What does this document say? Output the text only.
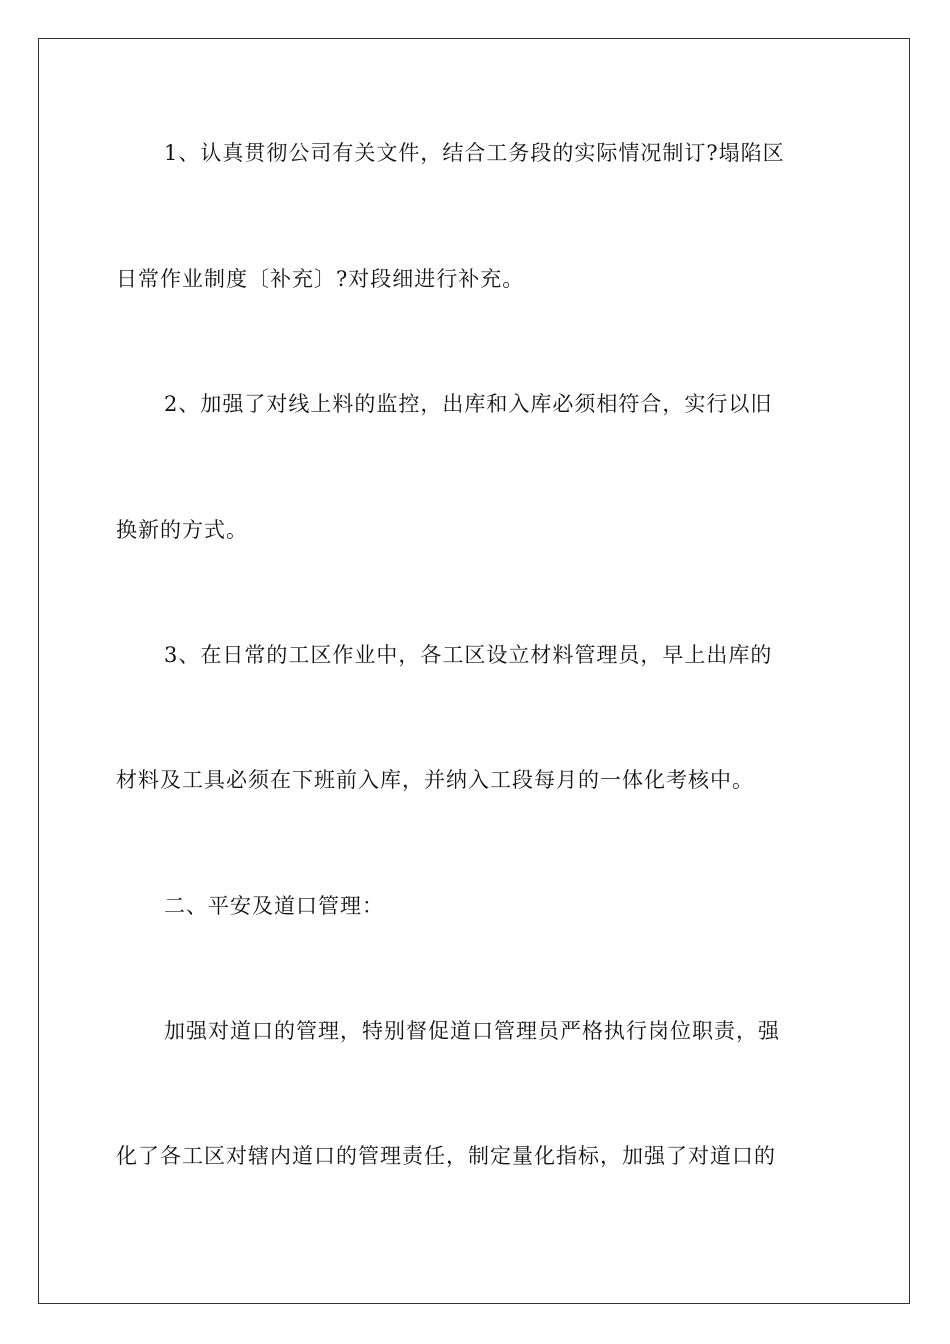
1、认真贯彻公司有关文件，结合工务段的实际情况制订?塌陷区
日常作业制度〔补充〕?对段细进行补充。
2、加强了对线上料的监控，出库和入库必须相符合，实行以旧
换新的方式。
3、在日常的工区作业中，各工区设立材料管理员，早上出库的
材料及工具必须在下班前入库，并纳入工段每月的一体化考核中。
二、平安及道口管理：
加强对道口的管理，特别督促道口管理员严格执行岗位职责，强
化了各工区对辖内道口的管理责任，制定量化指标，加强了对道口的
